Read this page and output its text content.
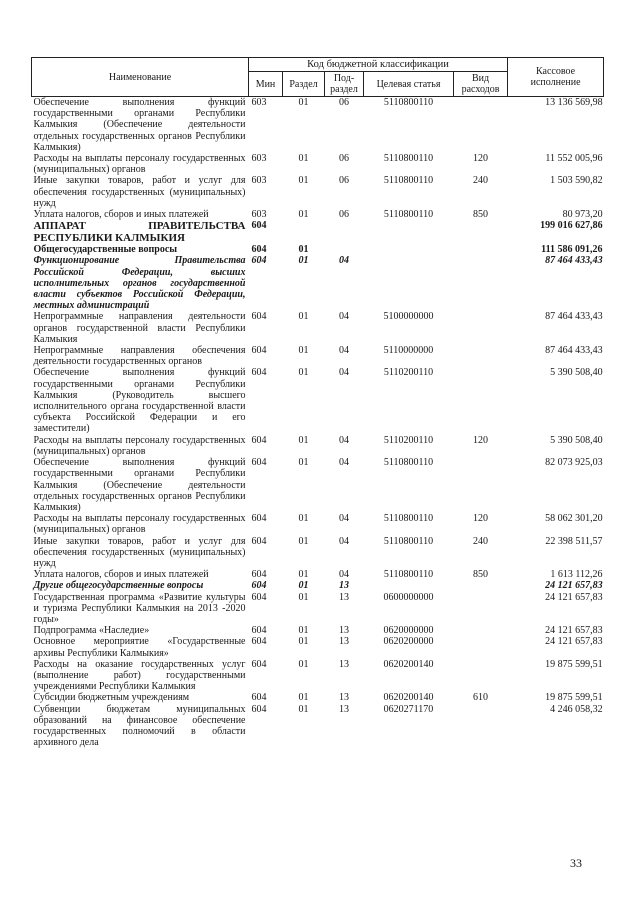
Наименование	Код бюджетной классификации					Кассовое исполнение
	Мин	Раздел	Под-раздел	Целевая статья	Вид расходов	
Обеспечение выполнения функций государственными органами Республики Калмыкия (Обеспечение деятельности отдельных государственных органов Республики Калмыкия)	603	01	06	5110800110		13 136 569,98
Расходы на выплаты персоналу государственных (муниципальных) органов	603	01	06	5110800110	120	11 552 005,96
Иные закупки товаров, работ и услуг для обеспечения государственных (муниципальных) нужд	603	01	06	5110800110	240	1 503 590,82
Уплата налогов, сборов и иных платежей	603	01	06	5110800110	850	80 973,20
АППАРАТ ПРАВИТЕЛЬСТВА РЕСПУБЛИКИ КАЛМЫКИЯ	604					199 016 627,86
Общегосударственные вопросы	604	01				111 586 091,26
Функционирование Правительства Российской Федерации, высших исполнительных органов государственной власти субъектов Российской Федерации, местных администраций	604	01	04			87 464 433,43
Непрограммные направления деятельности органов государственной власти Республики Калмыкия	604	01	04	5100000000		87 464 433,43
Непрограммные направления обеспечения деятельности государственных органов	604	01	04	5110000000		87 464 433,43
Обеспечение выполнения функций государственными органами Республики Калмыкия (Руководитель высшего исполнительного органа государственной власти субъекта Российской Федерации и его заместители)	604	01	04	5110200110		5 390 508,40
Расходы на выплаты персоналу государственных (муниципальных) органов	604	01	04	5110200110	120	5 390 508,40
Обеспечение выполнения функций государственными органами Республики Калмыкия (Обеспечение деятельности отдельных государственных органов Республики Калмыкия)	604	01	04	5110800110		82 073 925,03
Расходы на выплаты персоналу государственных (муниципальных) органов	604	01	04	5110800110	120	58 062 301,20
Иные закупки товаров, работ и услуг для обеспечения государственных (муниципальных) нужд	604	01	04	5110800110	240	22 398 511,57
Уплата налогов, сборов и иных платежей	604	01	04	5110800110	850	1 613 112,26
Другие общегосударственные вопросы	604	01	13			24 121 657,83
Государственная программа «Развитие культуры и туризма Республики Калмыкия на 2013 -2020 годы»	604	01	13	0600000000		24 121 657,83
Подпрограмма «Наследие»	604	01	13	0620000000		24 121 657,83
Основное мероприятие «Государственные архивы Республики Калмыкия»	604	01	13	0620200000		24 121 657,83
Расходы на оказание государственных услуг (выполнение работ) государственными учреждениями Республики Калмыкия	604	01	13	0620200140		19 875 599,51
Субсидии бюджетным учреждениям	604	01	13	0620200140	610	19 875 599,51
Субвенции бюджетам муниципальных образований на финансовое обеспечение государственных полномочий в области архивного дела	604	01	13	0620271170		4 246 058,32
33
